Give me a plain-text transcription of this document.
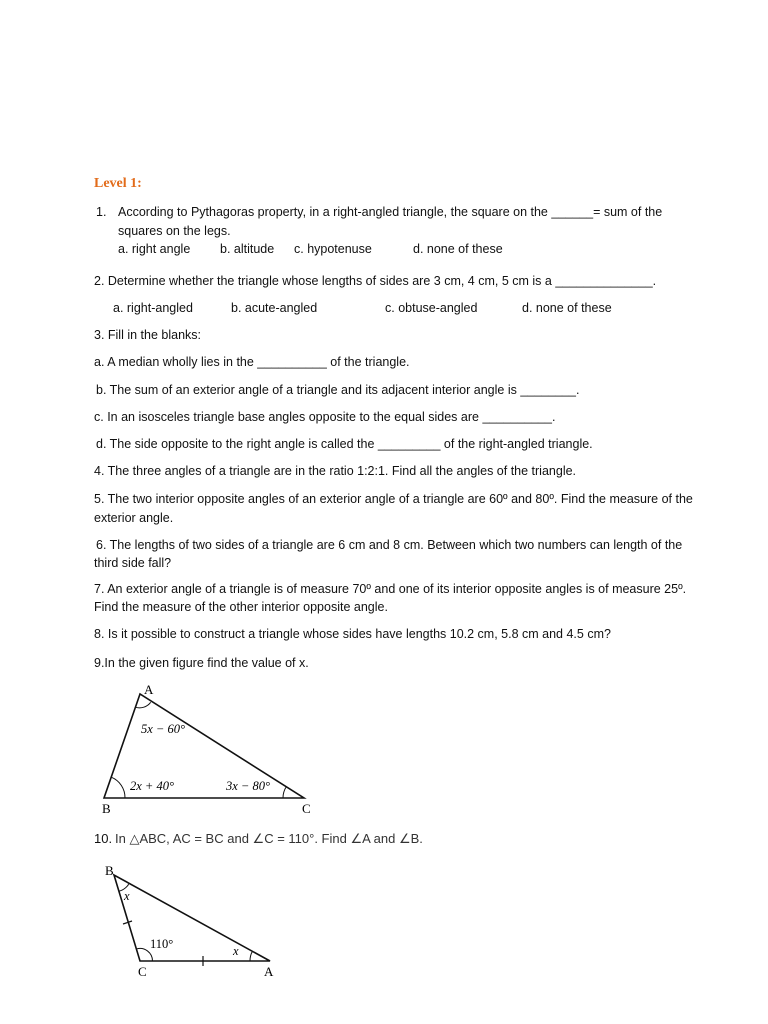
Level 1:
1. According to Pythagoras property, in a right-angled triangle, the square on the ______= sum of the
squares on the legs.
a. right angle b. altitude c. hypotenuse	d. none of these
2. Determine whether the triangle whose lengths of sides are 3 cm, 4 cm, 5 cm is a ______________.
a. right-angled	b. acute-angled	c. obtuse-angled	d. none of these
3. Fill in the blanks:
a. A median wholly lies in the __________ of the triangle.
b. The sum of an exterior angle of a triangle and its adjacent interior angle is ________.
c. In an isosceles triangle base angles opposite to the equal sides are __________.
d. The side opposite to the right angle is called the _________ of the right-angled triangle.
4. The three angles of a triangle are in the ratio 1:2:1. Find all the angles of the triangle.
5. The two interior opposite angles of an exterior angle of a triangle are 60º and 80º. Find the measure of the
exterior angle.
6. The lengths of two sides of a triangle are 6 cm and 8 cm. Between which two numbers can length of the
third side fall?
7. An exterior angle of a triangle is of measure 70º and one of its interior opposite angles is of measure 25º.
Find the measure of the other interior opposite angle.
8. Is it possible to construct a triangle whose sides have lengths 10.2 cm, 5.8 cm and 4.5 cm?
9.In the given figure find the value of x.
A
B	C
5x − 60°
2x + 40°	3x − 80°
B
C	A
x
x
110°
10. In △ABC, AC = BC and ∠C = 110°. Find ∠A and ∠B.
